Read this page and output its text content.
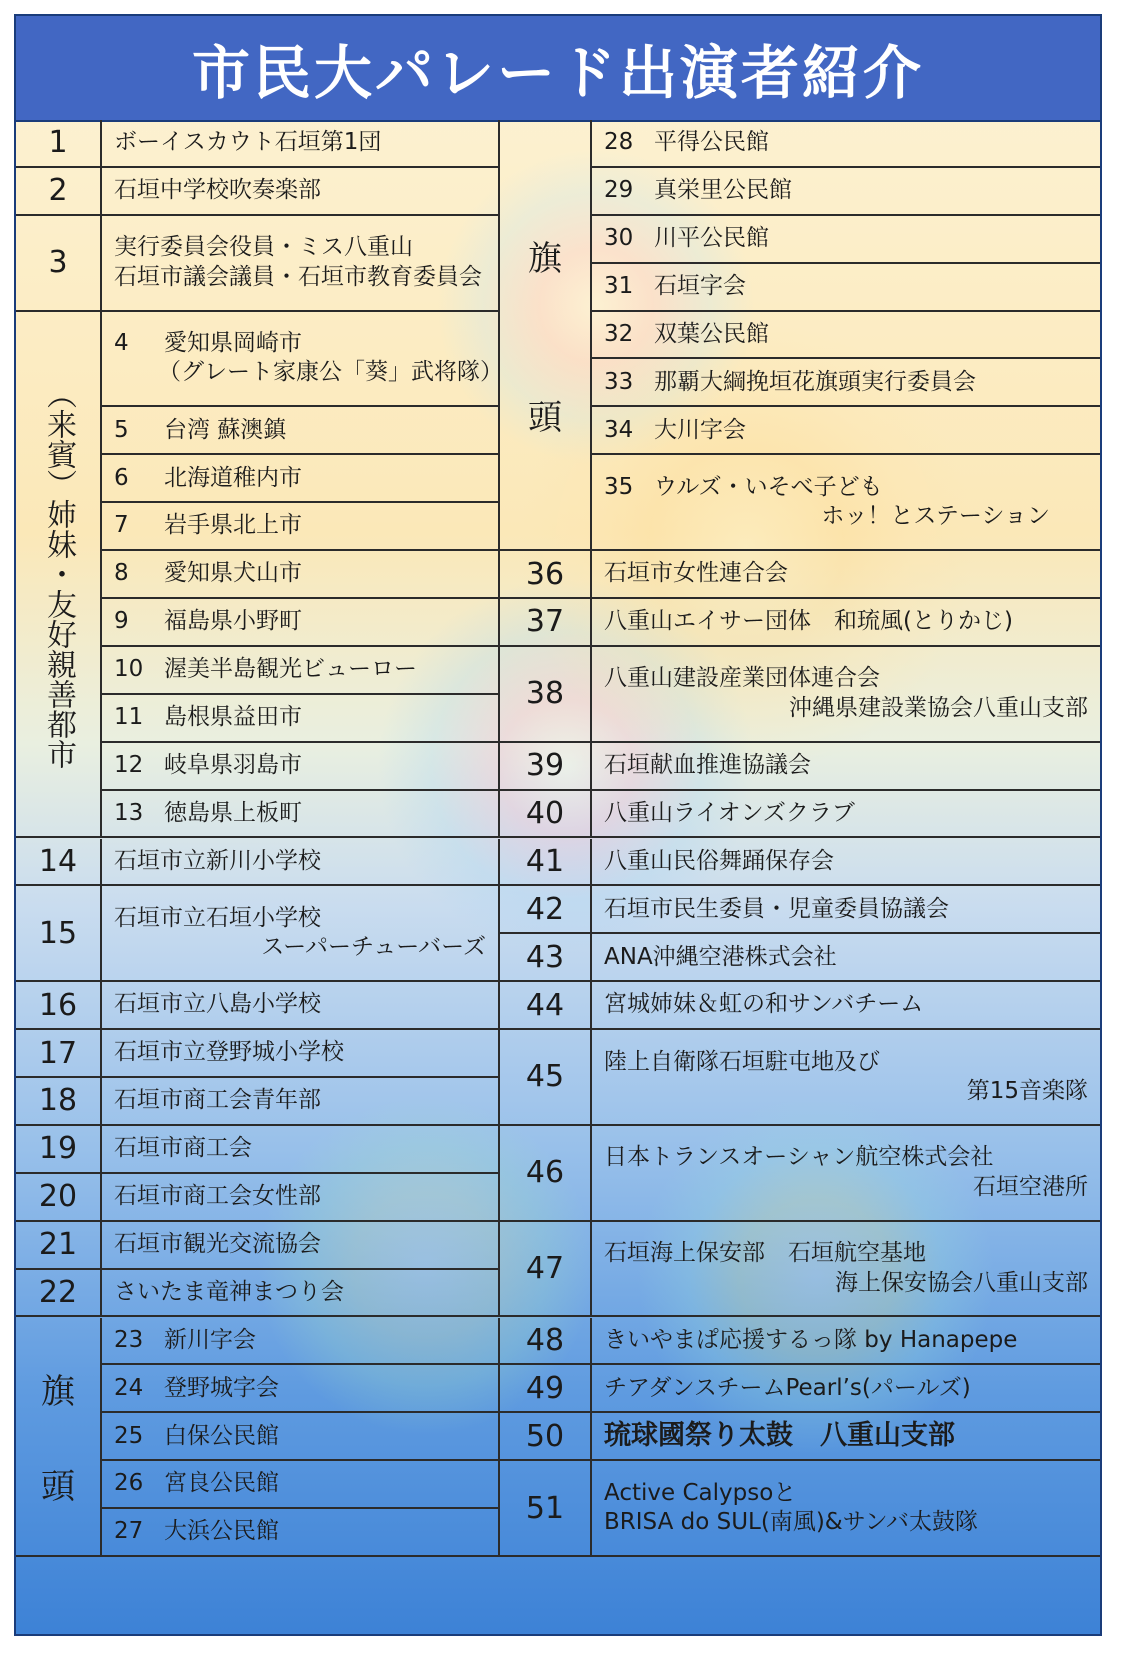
市民大パレード出演者紹介
1 ボーイスカウト石垣第1団
2 石垣中学校吹奏楽部
3 実行委員会役員・ミス八重山
石垣市議会議員・石垣市教育委員会
4 愛知県岡崎市
（グレート家康公「葵」武将隊）
5 台湾 蘇澳鎮
6 北海道稚内市
7 岩手県北上市
8 愛知県犬山市
9 福島県小野町
10 渥美半島観光ビューロー
11 島根県益田市
12 岐阜県羽島市
13 徳島県上板町
14 石垣市立新川小学校
15 石垣市立石垣小学校
スーパーチューバーズ
16 石垣市立八島小学校
17 石垣市立登野城小学校
18 石垣市商工会青年部
19 石垣市商工会
20 石垣市商工会女性部
21 石垣市観光交流協会
22 さいたま竜神まつり会
23 新川字会
24 登野城字会
25 白保公民館
26 宮良公民館
27 大浜公民館
（来賓）姉妹・友好親善都市
旗
頭
旗
頭
28 平得公民館
29 真栄里公民館
30 川平公民館
31 石垣字会
32 双葉公民館
33 那覇大綱挽垣花旗頭実行委員会
34 大川字会
35 ウルズ・いそべ子ども
ホッ！とステーション
36 石垣市女性連合会
37 八重山エイサー団体　和琉風(とりかじ)
38 八重山建設産業団体連合会
沖縄県建設業協会八重山支部
39 石垣献血推進協議会
40 八重山ライオンズクラブ
41 八重山民俗舞踊保存会
42 石垣市民生委員・児童委員協議会
43 ANA沖縄空港株式会社
44 宮城姉妹＆虹の和サンバチーム
45 陸上自衛隊石垣駐屯地及び
第15音楽隊
46 日本トランスオーシャン航空株式会社
石垣空港所
47 石垣海上保安部　石垣航空基地
海上保安協会八重山支部
48 きいやまぱ応援するっ隊 by Hanapepe
49 チアダンスチームPearl’s(パールズ)
50 琉球國祭り太鼓　八重山支部
51 Active Calypsoと
BRISA do SUL(南風)&サンバ太鼓隊
